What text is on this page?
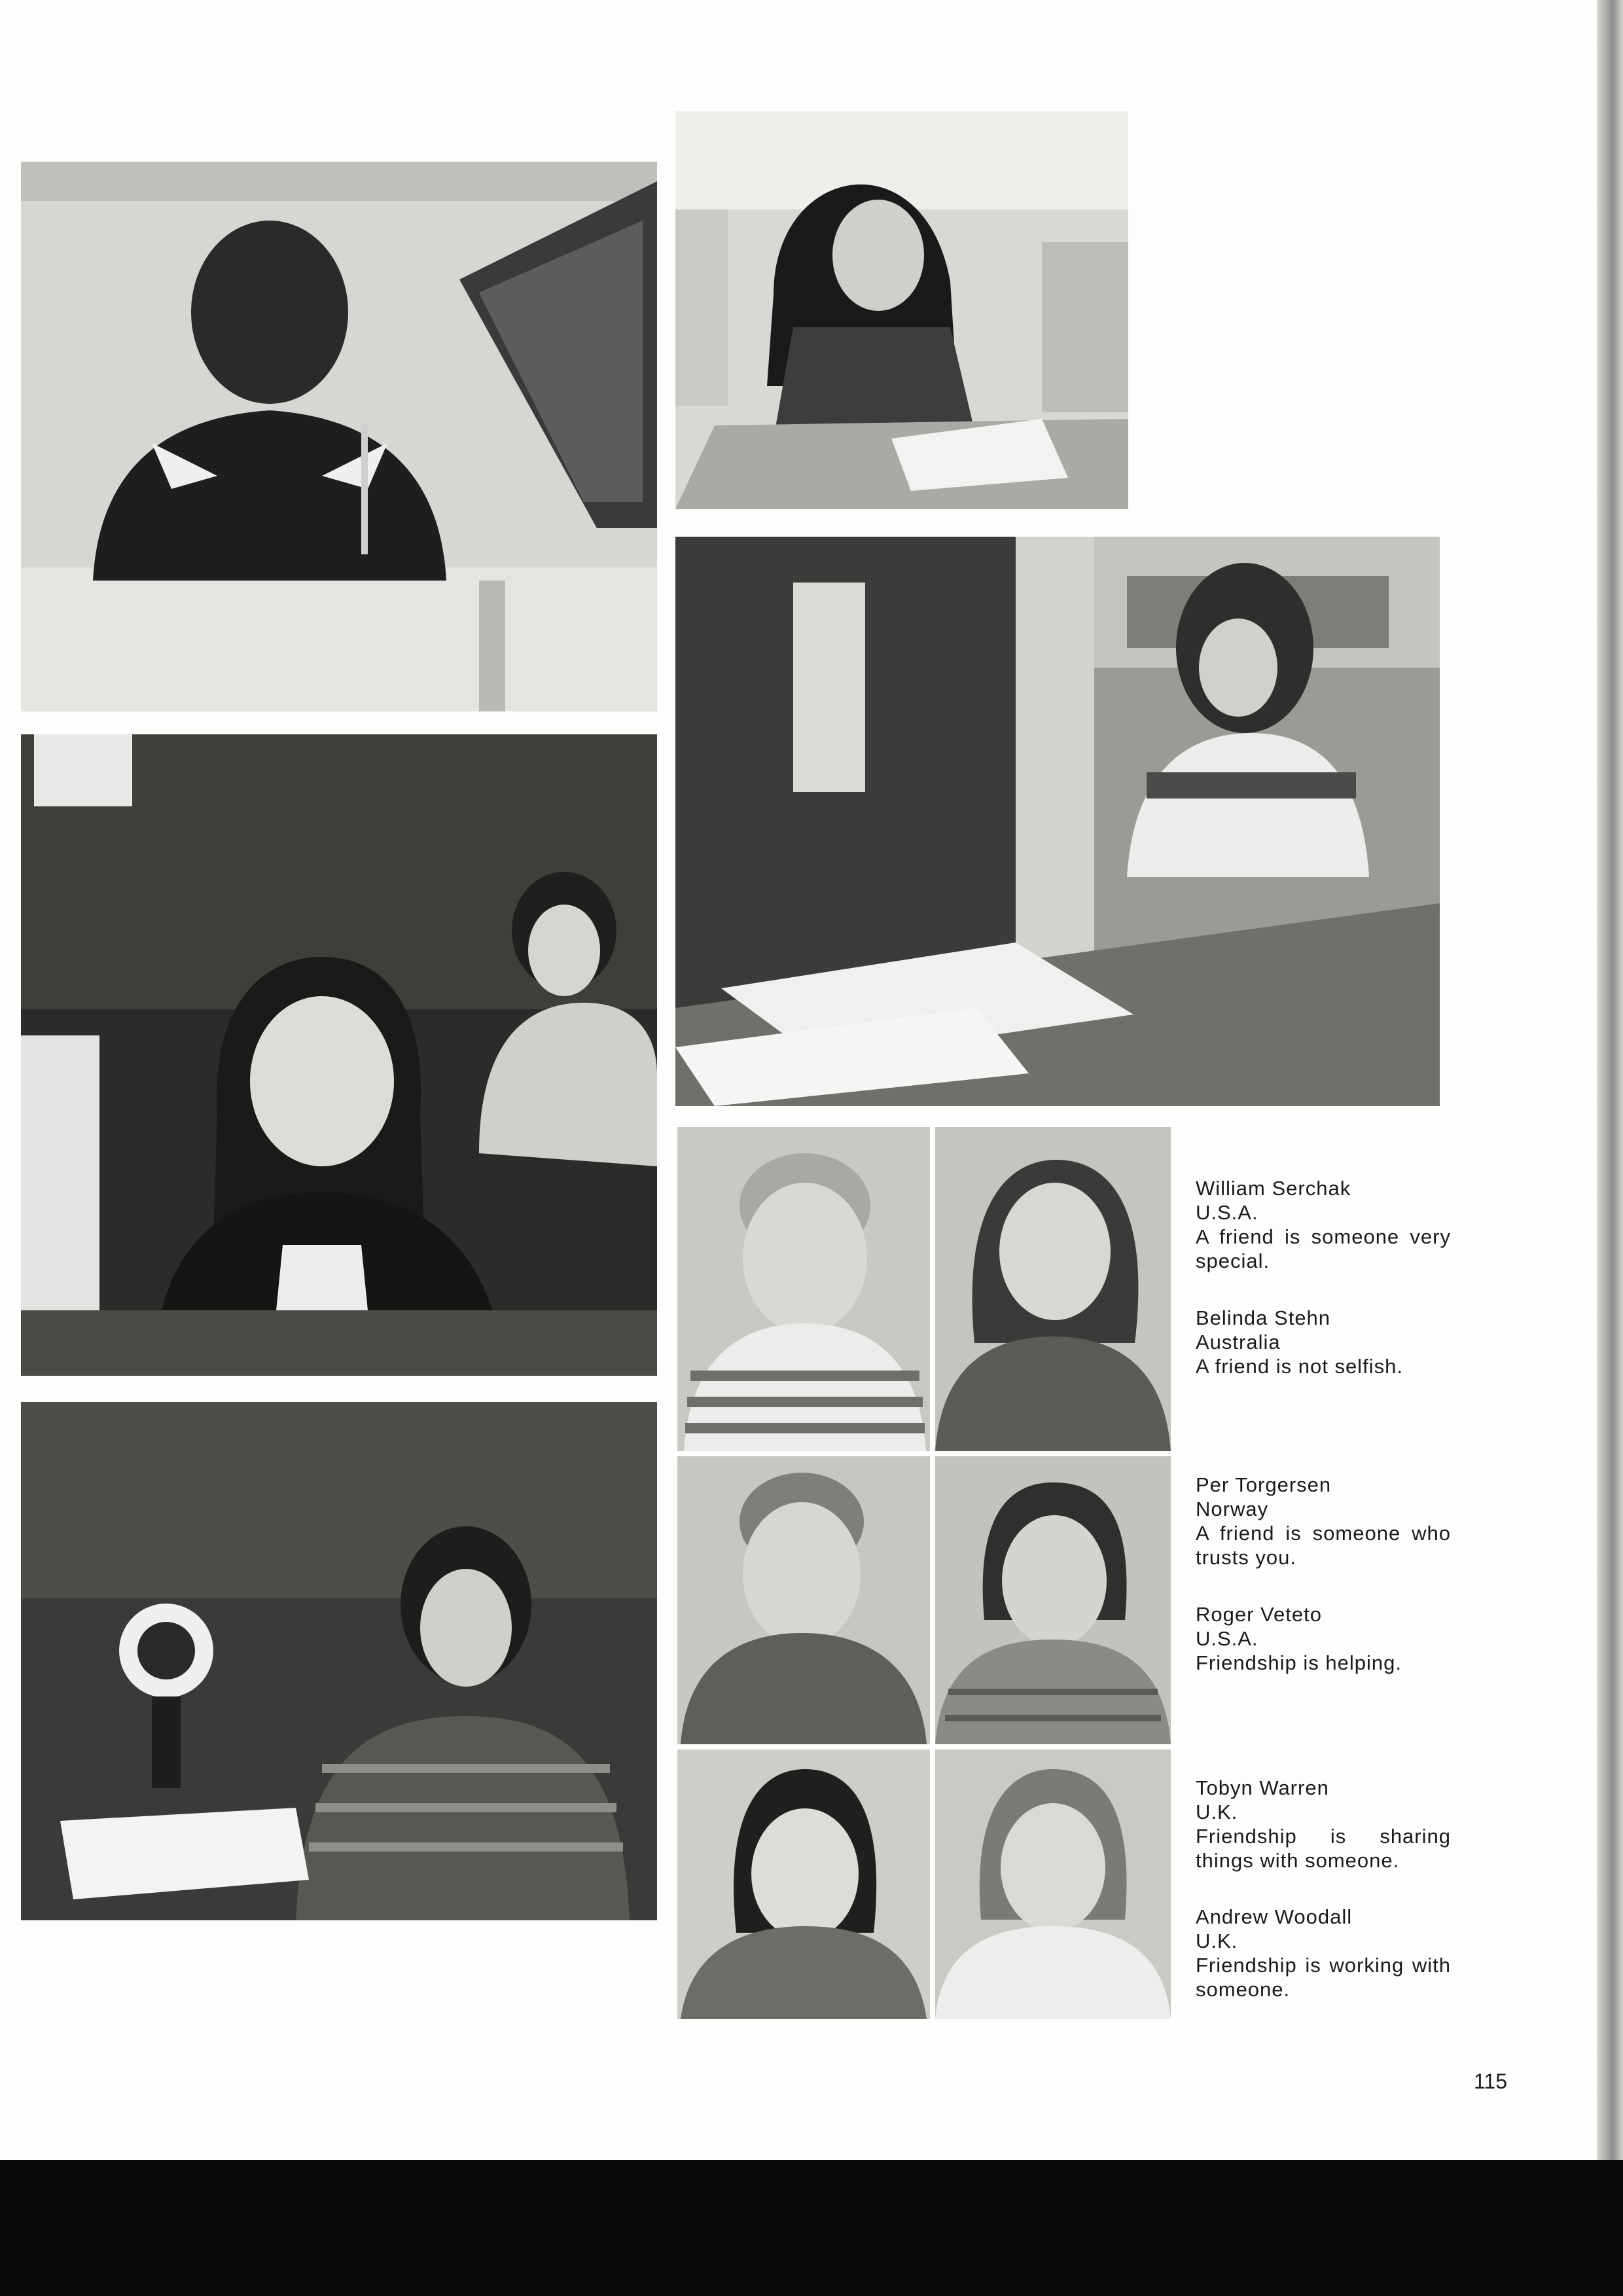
William Serchak
U.S.A.
A friend is someone very special.
Belinda Stehn
Australia
A friend is not selfish.
Per Torgersen
Norway
A friend is someone who trusts you.
Roger Veteto
U.S.A.
Friendship is helping.
Tobyn Warren
U.K.
Friendship is sharing things with someone.
Andrew Woodall
U.K.
Friendship is working with someone.
115
